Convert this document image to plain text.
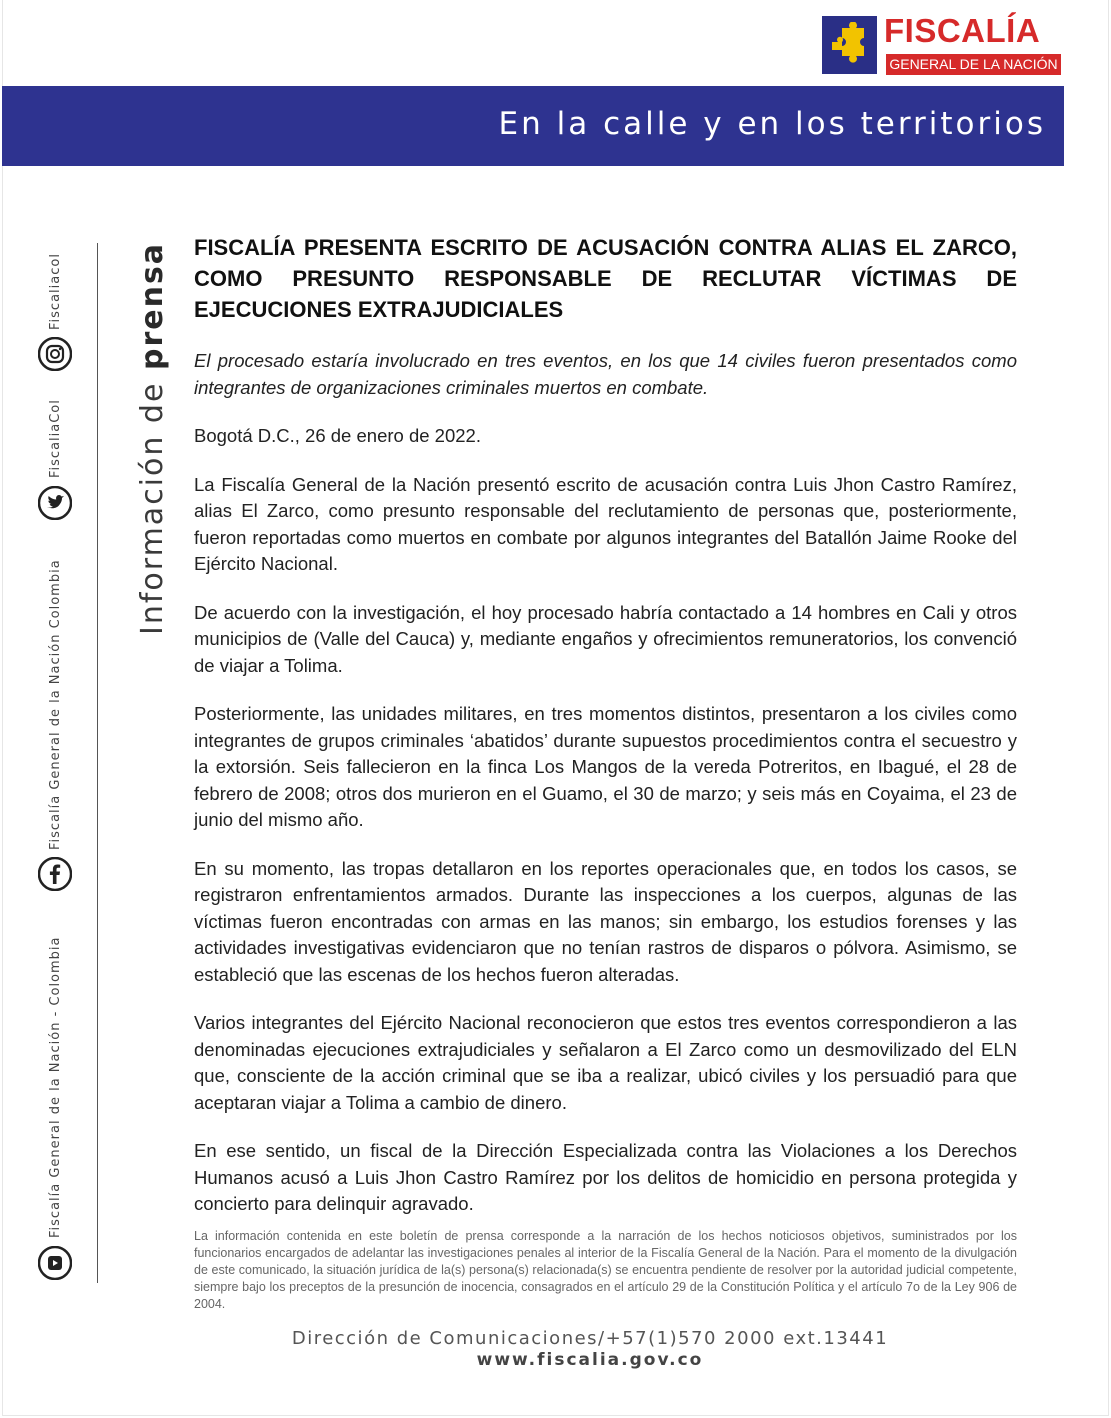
FISCALÍA
GENERAL DE LA NACIÓN
En la calle y en los territorios
Información de prensa
Fiscaliacol
FiscaliaCol
Fiscalía General de la Nación Colombia
Fiscalía General de la Nación - Colombia
FISCALÍA PRESENTA ESCRITO DE ACUSACIÓN CONTRA ALIAS EL ZARCO, COMO PRESUNTO RESPONSABLE DE RECLUTAR VÍCTIMAS DE EJECUCIONES EXTRAJUDICIALES

El procesado estaría involucrado en tres eventos, en los que 14 civiles fueron presentados como integrantes de organizaciones criminales muertos en combate.

Bogotá D.C., 26 de enero de 2022.

La Fiscalía General de la Nación presentó escrito de acusación contra Luis Jhon Castro Ramírez, alias El Zarco, como presunto responsable del reclutamiento de personas que, posteriormente, fueron reportadas como muertos en combate por algunos integrantes del Batallón Jaime Rooke del Ejército Nacional.

De acuerdo con la investigación, el hoy procesado habría contactado a 14 hombres en Cali y otros municipios de (Valle del Cauca) y, mediante engaños y ofrecimientos remuneratorios, los convenció de viajar a Tolima.

Posteriormente, las unidades militares, en tres momentos distintos, presentaron a los civiles como integrantes de grupos criminales ‘abatidos’ durante supuestos procedimientos contra el secuestro y la extorsión. Seis fallecieron en la finca Los Mangos de la vereda Potreritos, en Ibagué, el 28 de febrero de 2008; otros dos murieron en el Guamo, el 30 de marzo; y seis más en Coyaima, el 23 de junio del mismo año.

En su momento, las tropas detallaron en los reportes operacionales que, en todos los casos, se registraron enfrentamientos armados. Durante las inspecciones a los cuerpos, algunas de las víctimas fueron encontradas con armas en las manos; sin embargo, los estudios forenses y las actividades investigativas evidenciaron que no tenían rastros de disparos o pólvora. Asimismo, se estableció que las escenas de los hechos fueron alteradas.

Varios integrantes del Ejército Nacional reconocieron que estos tres eventos correspondieron a las denominadas ejecuciones extrajudiciales y señalaron a El Zarco como un desmovilizado del ELN que, consciente de la acción criminal que se iba a realizar, ubicó civiles y los persuadió para que aceptaran viajar a Tolima a cambio de dinero.

En ese sentido, un fiscal de la Dirección Especializada contra las Violaciones a los Derechos Humanos acusó a Luis Jhon Castro Ramírez por los delitos de homicidio en persona protegida y concierto para delinquir agravado.

La información contenida en este boletín de prensa corresponde a la narración de los hechos noticiosos objetivos, suministrados por los funcionarios encargados de adelantar las investigaciones penales al interior de la Fiscalía General de la Nación. Para el momento de la divulgación de este comunicado, la situación jurídica de la(s) persona(s) relacionada(s) se encuentra pendiente de resolver por la autoridad judicial competente, siempre bajo los preceptos de la presunción de inocencia, consagrados en el artículo 29 de la Constitución Política y el artículo 7o de la Ley 906 de 2004.

Dirección de Comunicaciones/+57(1)570 2000 ext.13441
www.fiscalia.gov.co
